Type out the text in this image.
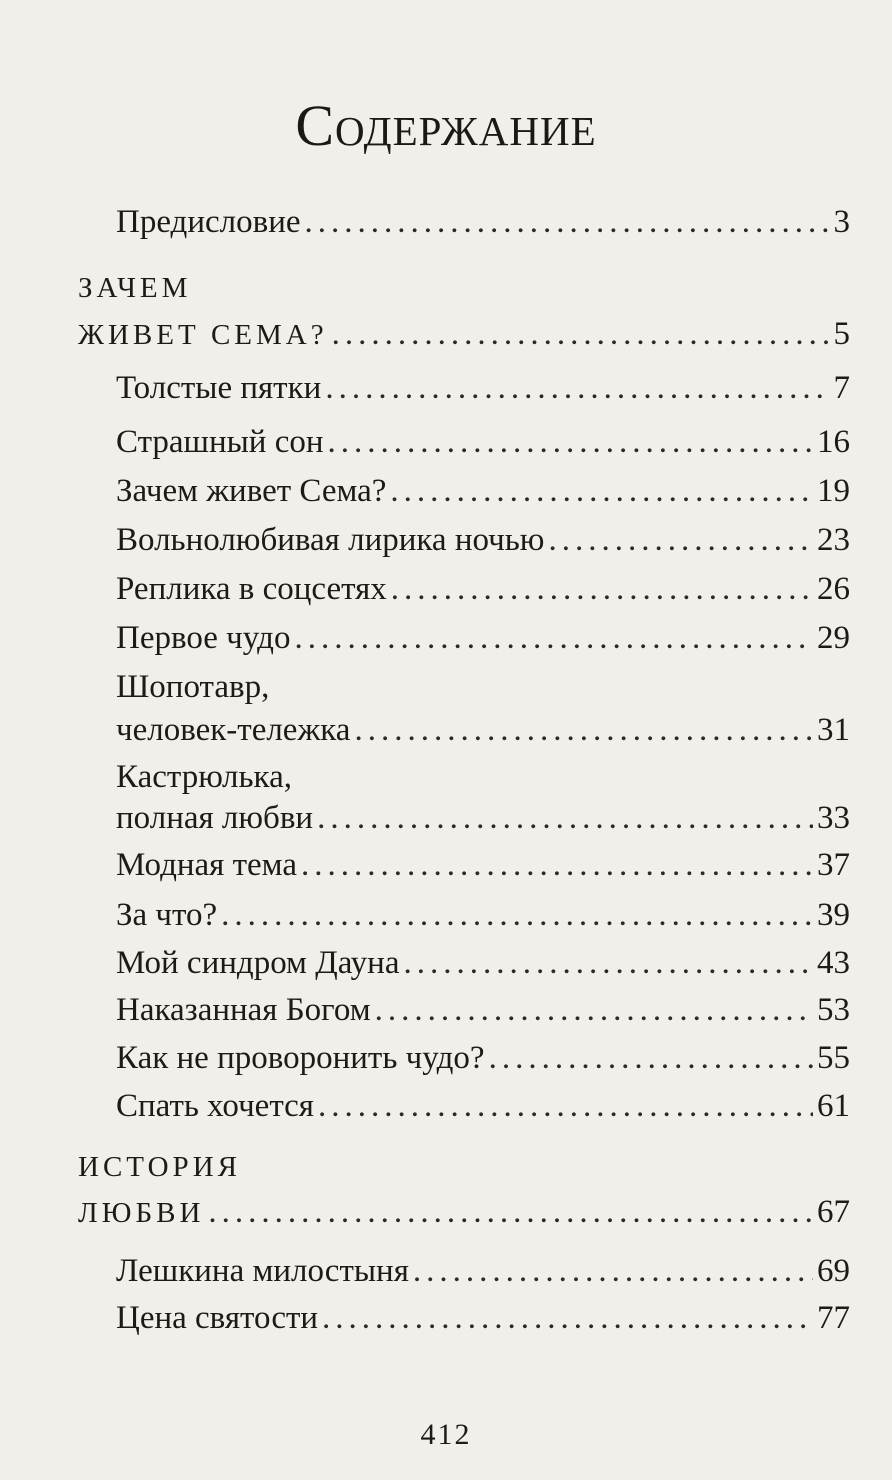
Содержание
Предисловие .....	3
ЗАЧЕМ
ЖИВЕТ СЕМА? .....	5
Толстые пятки .....	7
Страшный сон .....	16
Зачем живет Сема? .....	19
Вольнолюбивая лирика ночью .....	23
Реплика в соцсетях .....	26
Первое чудо .....	29
Шопотавр,
человек-тележка .....	31
Кастрюлька,
полная любви .....	33
Модная тема .....	37
За что? .....	39
Мой синдром Дауна .....	43
Наказанная Богом .....	53
Как не проворонить чудо? .....	55
Спать хочется .....	61
ИСТОРИЯ
ЛЮБВИ .....	67
Лешкина милостыня .....	69
Цена святости .....	77
412
